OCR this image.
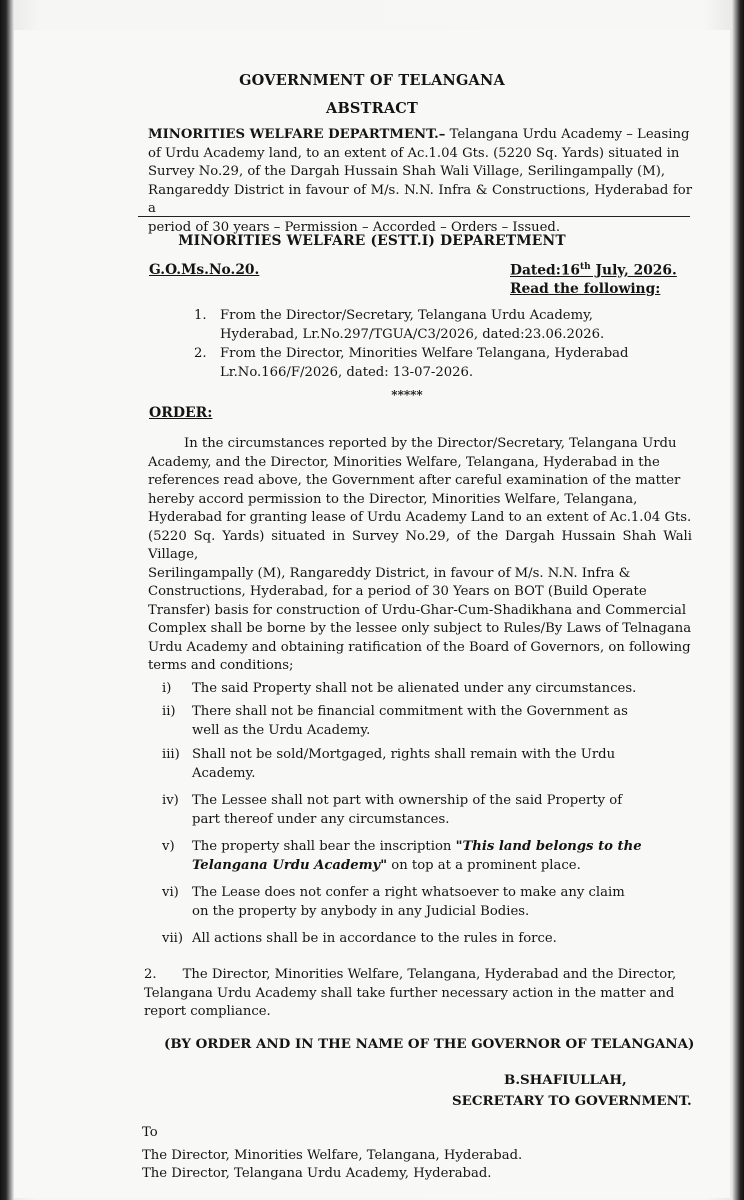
GOVERNMENT OF TELANGANA
ABSTRACT
MINORITIES WELFARE DEPARTMENT.– Telangana Urdu Academy – Leasing
of Urdu Academy land, to an extent of Ac.1.04 Gts. (5220 Sq. Yards) situated in
Survey No.29, of the Dargah Hussain Shah Wali Village, Serilingampally (M),
Rangareddy District in favour of M/s. N.N. Infra & Constructions, Hyderabad for a
period of 30 years – Permission – Accorded – Orders – Issued.
MINORITIES WELFARE (ESTT.I) DEPARETMENT
G.O.Ms.No.20.	Dated:16th July, 2026.
Read the following:
1. From the Director/Secretary, Telangana Urdu Academy,
Hyderabad, Lr.No.297/TGUA/C3/2026, dated:23.06.2026.
2. From the Director, Minorities Welfare Telangana, Hyderabad
Lr.No.166/F/2026, dated: 13-07-2026.
*****
ORDER:
In the circumstances reported by the Director/Secretary, Telangana Urdu
Academy, and the Director, Minorities Welfare, Telangana, Hyderabad in the
references read above, the Government after careful examination of the matter
hereby accord permission to the Director, Minorities Welfare, Telangana,
Hyderabad for granting lease of Urdu Academy Land to an extent of Ac.1.04 Gts.
(5220 Sq. Yards) situated in Survey No.29, of the Dargah Hussain Shah Wali Village,
Serilingampally (M), Rangareddy District, in favour of M/s. N.N. Infra &
Constructions, Hyderabad, for a period of 30 Years on BOT (Build Operate
Transfer) basis for construction of Urdu-Ghar-Cum-Shadikhana and Commercial
Complex shall be borne by the lessee only subject to Rules/By Laws of Telnagana
Urdu Academy and obtaining ratification of the Board of Governors, on following
terms and conditions;
i)	The said Property shall not be alienated under any circumstances.
ii)	There shall not be financial commitment with the Government as
well as the Urdu Academy.
iii) Shall not be sold/Mortgaged, rights shall remain with the Urdu
Academy.
iv) The Lessee shall not part with ownership of the said Property of
part thereof under any circumstances.
v)	The property shall bear the inscription "This land belongs to the
Telangana Urdu Academy" on top at a prominent place.
vi) The Lease does not confer a right whatsoever to make any claim
on the property by anybody in any Judicial Bodies.
vii) All actions shall be in accordance to the rules in force.
2. The Director, Minorities Welfare, Telangana, Hyderabad and the Director,
Telangana Urdu Academy shall take further necessary action in the matter and
report compliance.
(BY ORDER AND IN THE NAME OF THE GOVERNOR OF TELANGANA)
B.SHAFIULLAH,
SECRETARY TO GOVERNMENT.
To
The Director, Minorities Welfare, Telangana, Hyderabad.
The Director, Telangana Urdu Academy, Hyderabad.
